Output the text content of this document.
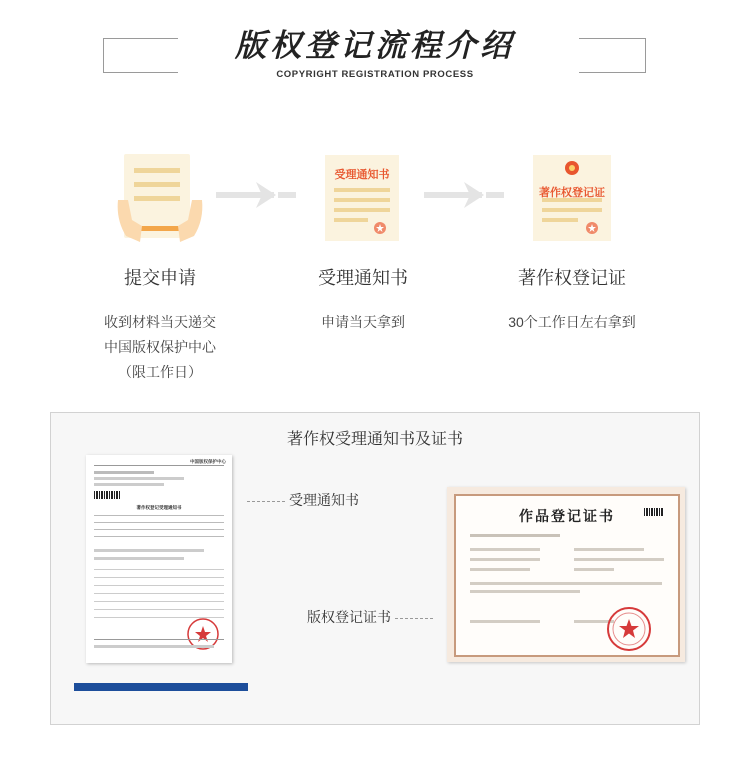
版权登记流程介绍
COPYRIGHT REGISTRATION PROCESS
提交申请
收到材料当天递交
中国版权保护中心
（限工作日）
受理通知书
受理通知书
申请当天拿到
著作权登记证
著作权登记证
30个工作日左右拿到
著作权受理通知书及证书
中国版权保护中心
著作权登记受理通知书	受理通知书
版权登记证书
作品登记证书
